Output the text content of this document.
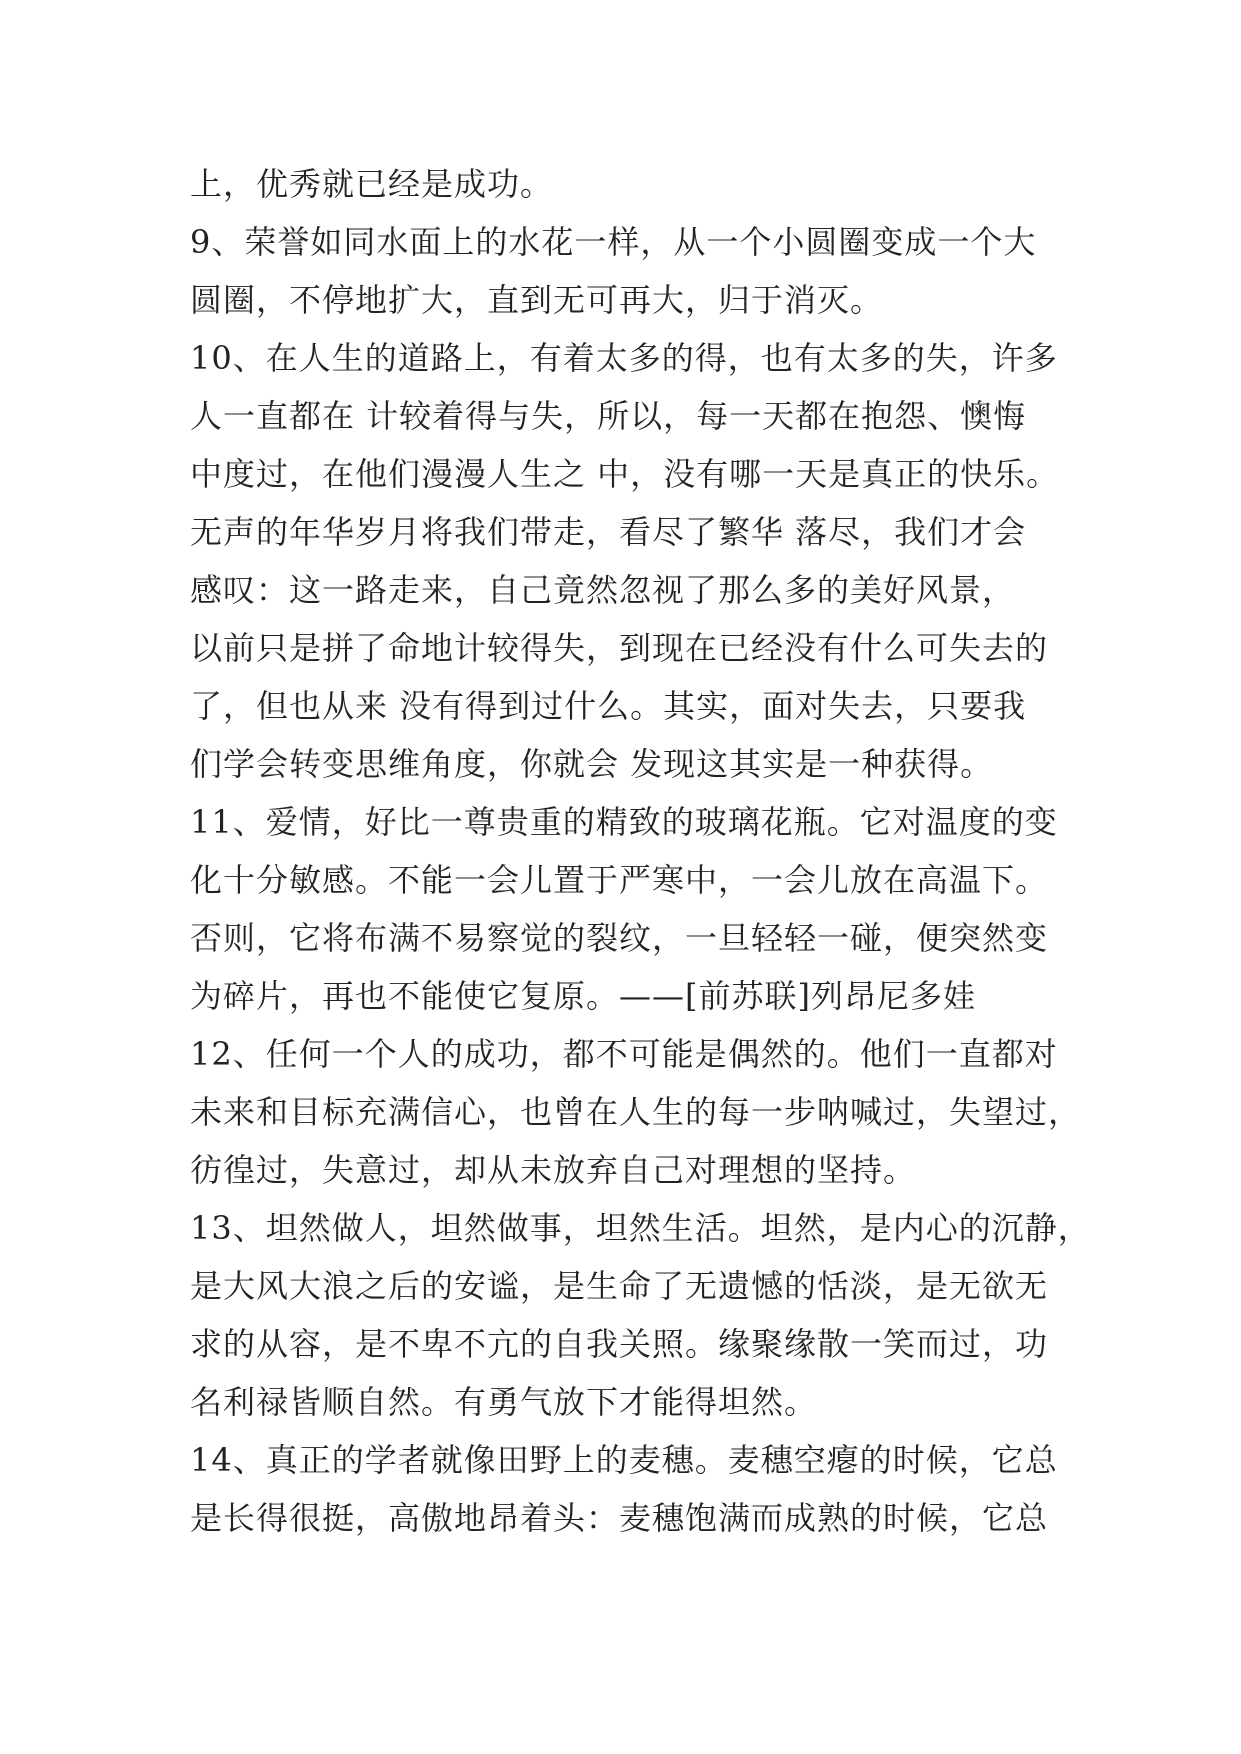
上，优秀就已经是成功。
9、荣誉如同水面上的水花一样，从一个小圆圈变成一个大
圆圈，不停地扩大，直到无可再大，归于消灭。
10、在人生的道路上，有着太多的得，也有太多的失，许多
人一直都在 计较着得与失，所以，每一天都在抱怨、懊悔
中度过，在他们漫漫人生之 中，没有哪一天是真正的快乐。
无声的年华岁月将我们带走，看尽了繁华 落尽，我们才会
感叹：这一路走来，自己竟然忽视了那么多的美好风景，
以前只是拼了命地计较得失，到现在已经没有什么可失去的
了，但也从来 没有得到过什么。其实，面对失去，只要我
们学会转变思维角度，你就会 发现这其实是一种获得。
11、爱情，好比一尊贵重的精致的玻璃花瓶。它对温度的变
化十分敏感。不能一会儿置于严寒中，一会儿放在高温下。
否则，它将布满不易察觉的裂纹，一旦轻轻一碰，便突然变
为碎片，再也不能使它复原。——[前苏联]列昂尼多娃
12、任何一个人的成功，都不可能是偶然的。他们一直都对
未来和目标充满信心，也曾在人生的每一步呐喊过，失望过，
彷徨过，失意过，却从未放弃自己对理想的坚持。
13、坦然做人，坦然做事，坦然生活。坦然，是内心的沉静，
是大风大浪之后的安谧，是生命了无遗憾的恬淡，是无欲无
求的从容，是不卑不亢的自我关照。缘聚缘散一笑而过，功
名利禄皆顺自然。有勇气放下才能得坦然。
14、真正的学者就像田野上的麦穗。麦穗空瘪的时候，它总
是长得很挺，高傲地昂着头：麦穗饱满而成熟的时候，它总
